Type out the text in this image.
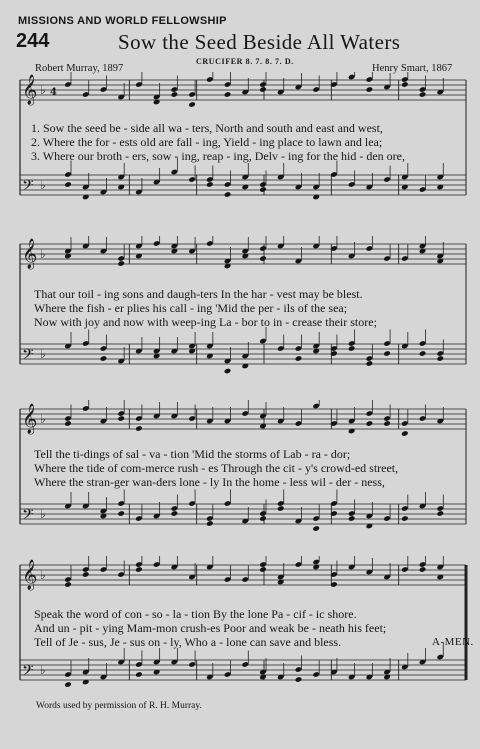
MISSIONS AND WORLD FELLOWSHIP
244	Sow the Seed Beside All Waters
CRUCIFER 8. 7. 8. 7. D.
Robert Murray, 1897	Henry Smart, 1867
𝄞 ♭
𝄢 ♭
4
1. Sow the seed be - side all wa - ters, North and south and east and west,
2. Where the for - ests old are fall - ing, Yield - ing place to lawn and lea;
3. Where our broth - ers, sow - ing, reap - ing, Delv - ing for the hid - den ore,
𝄞 ♭
𝄢 ♭
That our toil - ing sons and daugh-ters In the har - vest may be blest.
Where the fish - er plies his call - ing 'Mid the per - ils of the sea;
Now with joy and now with weep-ing La - bor to in - crease their store;
𝄞 ♭
𝄢 ♭
Tell the ti-dings of sal - va - tion 'Mid the storms of Lab - ra - dor;
Where the tide of com-merce rush - es Through the cit - y's crowd-ed street,
Where the stran-ger wan-ders lone - ly In the home - less wil - der - ness,
𝄞 ♭
𝄢 ♭
Speak the word of con - so - la - tion By the lone Pa - cif - ic shore.
And un - pit - ying Mam-mon crush-es Poor and weak be - neath his feet;
Tell of Je - sus, Je - sus on - ly, Who a - lone can save and bless.	A-MEN.
Words used by permission of R. H. Murray.
